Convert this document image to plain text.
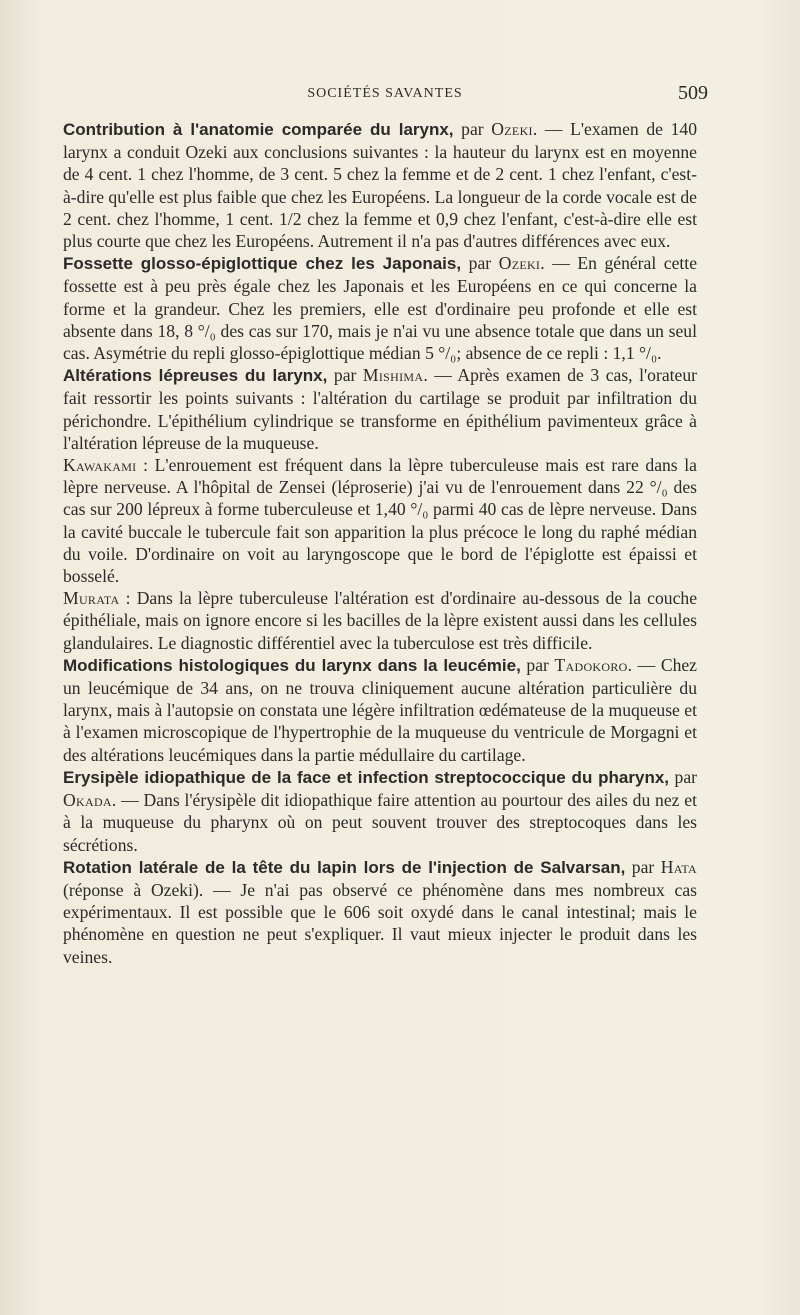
SOCIÉTÉS SAVANTES	509

Contribution à l'anatomie comparée du larynx, par Ozeki. — L'examen de 140 larynx a conduit Ozeki aux conclusions suivantes : la hauteur du larynx est en moyenne de 4 cent. 1 chez l'homme, de 3 cent. 5 chez la femme et de 2 cent. 1 chez l'enfant, c'est-à-dire qu'elle est plus faible que chez les Européens. La longueur de la corde vocale est de 2 cent. chez l'homme, 1 cent. 1/2 chez la femme et 0,9 chez l'enfant, c'est-à-dire elle est plus courte que chez les Européens. Autrement il n'a pas d'autres différences avec eux.

Fossette glosso-épiglottique chez les Japonais, par Ozeki. — En général cette fossette est à peu près égale chez les Japonais et les Européens en ce qui concerne la forme et la grandeur. Chez les premiers, elle est d'ordinaire peu profonde et elle est absente dans 18, 8 °/₀ des cas sur 170, mais je n'ai vu une absence totale que dans un seul cas. Asymétrie du repli glosso-épiglottique médian 5 °/₀; absence de ce repli : 1,1 °/₀.

Altérations lépreuses du larynx, par Mishima. — Après examen de 3 cas, l'orateur fait ressortir les points suivants : l'altération du cartilage se produit par infiltration du périchondre. L'épithélium cylindrique se transforme en épithélium pavimenteux grâce à l'altération lépreuse de la muqueuse.

Kawakami : L'enrouement est fréquent dans la lèpre tuberculeuse mais est rare dans la lèpre nerveuse. A l'hôpital de Zensei (léproserie) j'ai vu de l'enrouement dans 22 °/₀ des cas sur 200 lépreux à forme tuberculeuse et 1,40 °/₀ parmi 40 cas de lèpre nerveuse. Dans la cavité buccale le tubercule fait son apparition la plus précoce le long du raphé médian du voile. D'ordinaire on voit au laryngoscope que le bord de l'épiglotte est épaissi et bosselé.

Murata : Dans la lèpre tuberculeuse l'altération est d'ordinaire au-dessous de la couche épithéliale, mais on ignore encore si les bacilles de la lèpre existent aussi dans les cellules glandulaires. Le diagnostic différentiel avec la tuberculose est très difficile.

Modifications histologiques du larynx dans la leucémie, par Tadokoro. — Chez un leucémique de 34 ans, on ne trouva cliniquement aucune altération particulière du larynx, mais à l'autopsie on constata une légère infiltration œdémateuse de la muqueuse et à l'examen microscopique de l'hypertrophie de la muqueuse du ventricule de Morgagni et des altérations leucémiques dans la partie médullaire du cartilage.

Erysipèle idiopathique de la face et infection streptococcique du pharynx, par Okada. — Dans l'érysipèle dit idiopathique faire attention au pourtour des ailes du nez et à la muqueuse du pharynx où on peut souvent trouver des streptocoques dans les sécrétions.

Rotation latérale de la tête du lapin lors de l'injection de Salvarsan, par Hata (réponse à Ozeki). — Je n'ai pas observé ce phénomène dans mes nombreux cas expérimentaux. Il est possible que le 606 soit oxydé dans le canal intestinal; mais le phénomène en question ne peut s'expliquer. Il vaut mieux injecter le produit dans les veines.
